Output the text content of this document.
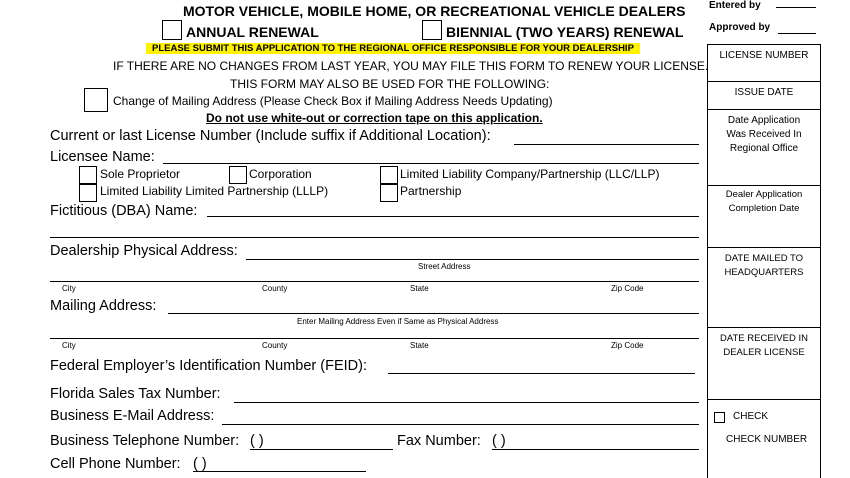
MOTOR VEHICLE, MOBILE HOME, OR RECREATIONAL VEHICLE DEALERS
ANNUAL RENEWAL	BIENNIAL (TWO YEARS) RENEWAL
PLEASE SUBMIT THIS APPLICATION TO THE REGIONAL OFFICE RESPONSIBLE FOR YOUR DEALERSHIP
IF THERE ARE NO CHANGES FROM LAST YEAR, YOU MAY FILE THIS FORM TO RENEW YOUR LICENSE.
THIS FORM MAY ALSO BE USED FOR THE FOLLOWING:
Change of Mailing Address (Please Check Box if Mailing Address Needs Updating)
Do not use white-out or correction tape on this application.
Entered by
Approved by
LICENSE NUMBER
ISSUE DATE
Date Application Was Received In Regional Office
Dealer Application Completion Date
DATE MAILED TO HEADQUARTERS
DATE RECEIVED IN DEALER LICENSE
CHECK
CHECK NUMBER
Current or last License Number (Include suffix if Additional Location):
Licensee Name:
Sole Proprietor	Corporation	Limited Liability Company/Partnership (LLC/LLP)
Limited Liability Limited Partnership (LLLP)	Partnership
Fictitious (DBA) Name:
Dealership Physical Address:
Street Address
City	County	State	Zip Code
Mailing Address:
Enter Mailing Address Even if Same as Physical Address
City	County	State	Zip Code
Federal Employer’s Identification Number (FEID):
Florida Sales Tax Number:
Business E-Mail Address:
Business Telephone Number: ( )	Fax Number: ( )
Cell Phone Number: ( )
